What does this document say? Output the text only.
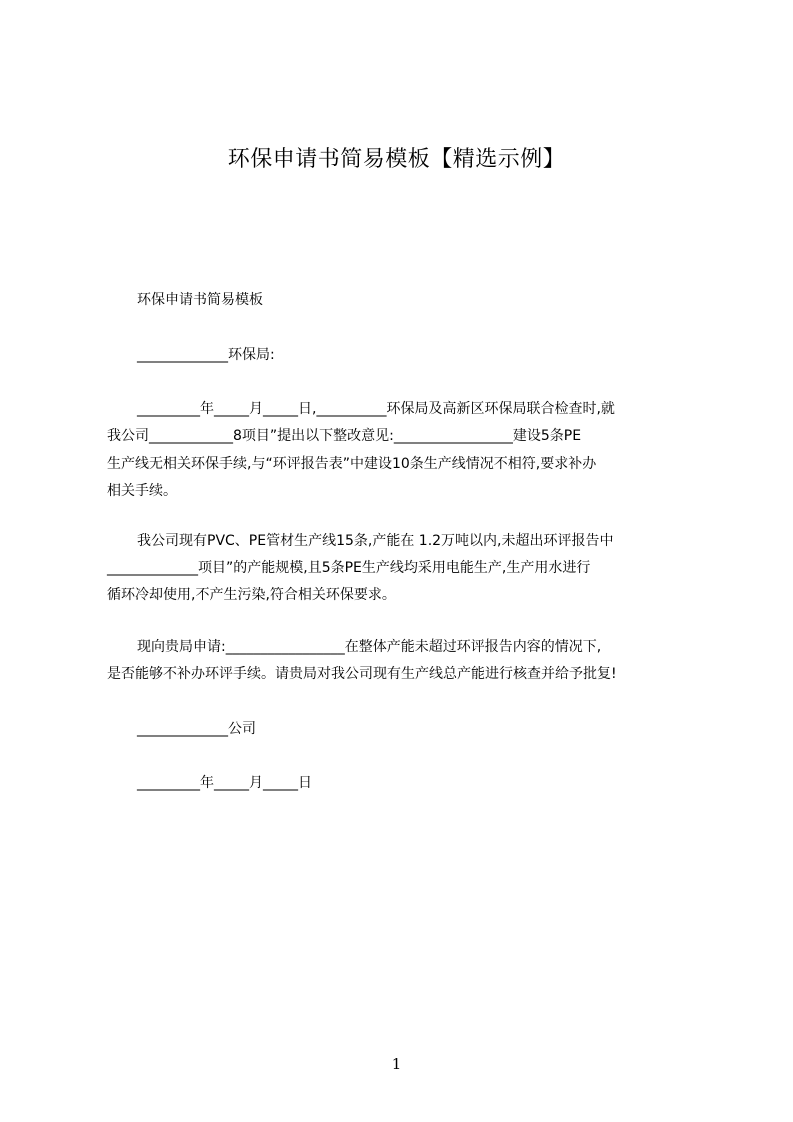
环保申请书简易模板【精选示例】
环保申请书简易模板
_____________环保局:
_________年_____月_____日,__________环保局及高新区环保局联合检查时,就
我公司____________8项目”提出以下整改意见:_________________建设5条PE
生产线无相关环保手续,与“环评报告表”中建设10条生产线情况不相符,要求补办
相关手续。
我公司现有PVC、PE管材生产线15条,产能在 1.2万吨以内,未超出环评报告中
_____________项目”的产能规模,且5条PE生产线均采用电能生产,生产用水进行
循环冷却使用,不产生污染,符合相关环保要求。
现向贵局申请:_________________在整体产能未超过环评报告内容的情况下,
是否能够不补办环评手续。请贵局对我公司现有生产线总产能进行核查并给予批复!
_____________公司
_________年_____月_____日
1
